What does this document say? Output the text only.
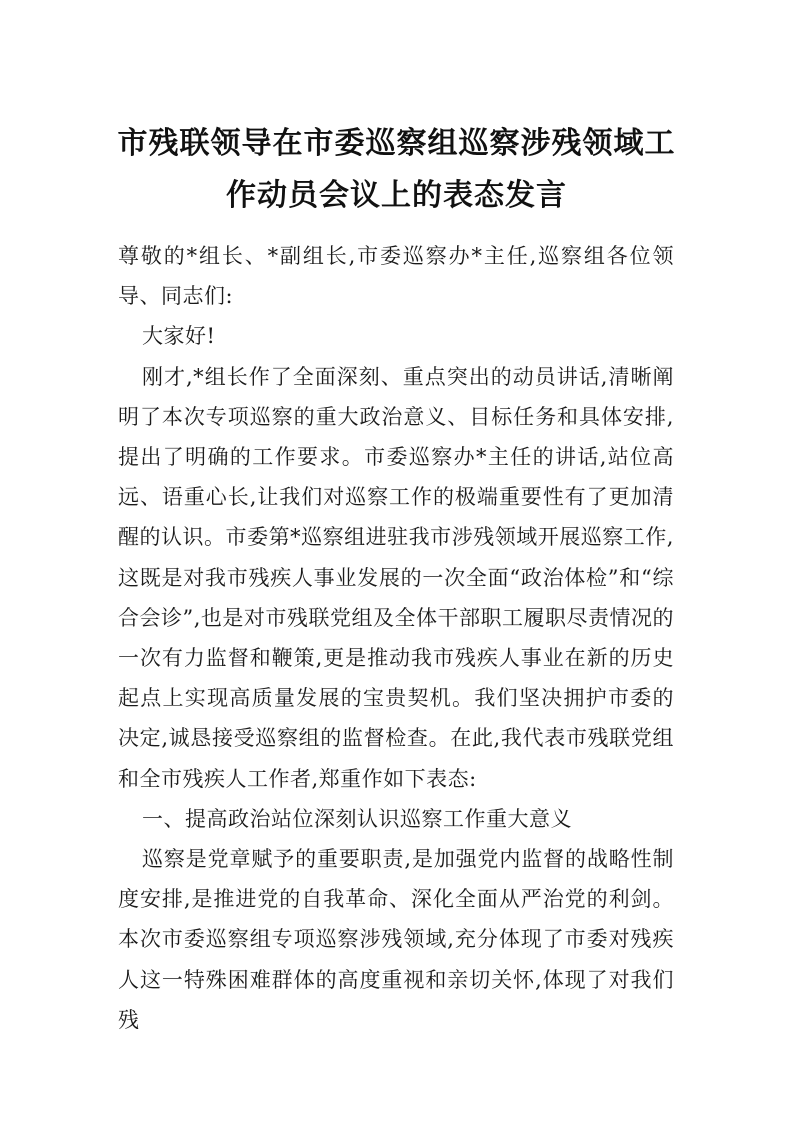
市残联领导在市委巡察组巡察涉残领域工
作动员会议上的表态发言

尊敬的*组长、*副组长,市委巡察办*主任,巡察组各位领导、同志们:

大家好!

刚才,*组长作了全面深刻、重点突出的动员讲话,清晰阐明了本次专项巡察的重大政治意义、目标任务和具体安排,提出了明确的工作要求。市委巡察办*主任的讲话,站位高远、语重心长,让我们对巡察工作的极端重要性有了更加清醒的认识。市委第*巡察组进驻我市涉残领域开展巡察工作,这既是对我市残疾人事业发展的一次全面“政治体检”和“综合会诊”,也是对市残联党组及全体干部职工履职尽责情况的一次有力监督和鞭策,更是推动我市残疾人事业在新的历史起点上实现高质量发展的宝贵契机。我们坚决拥护市委的决定,诚恳接受巡察组的监督检查。在此,我代表市残联党组和全市残疾人工作者,郑重作如下表态:

一、提高政治站位深刻认识巡察工作重大意义

巡察是党章赋予的重要职责,是加强党内监督的战略性制度安排,是推进党的自我革命、深化全面从严治党的利剑。本次市委巡察组专项巡察涉残领域,充分体现了市委对残疾人这一特殊困难群体的高度重视和亲切关怀,体现了对我们残
